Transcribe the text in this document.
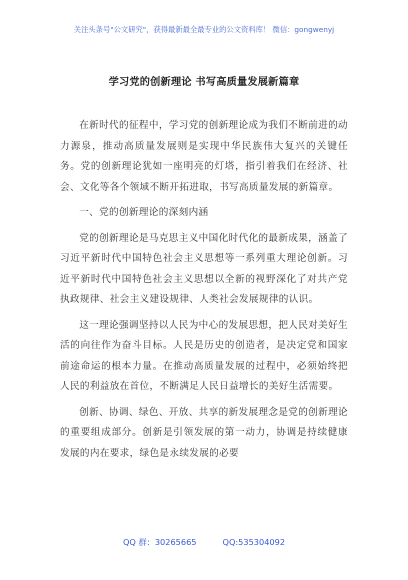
关注头条号"公文研究"，获得最新最全最专业的公文资料库！ 微信：gongwenyj
学习党的创新理论 书写高质量发展新篇章

在新时代的征程中，学习党的创新理论成为我们不断前进的动力源泉，推动高质量发展则是实现中华民族伟大复兴的关键任务。党的创新理论犹如一座明亮的灯塔，指引着我们在经济、社会、文化等各个领域不断开拓进取，书写高质量发展的新篇章。

一、党的创新理论的深刻内涵

党的创新理论是马克思主义中国化时代化的最新成果，涵盖了习近平新时代中国特色社会主义思想等一系列重大理论创新。习近平新时代中国特色社会主义思想以全新的视野深化了对共产党执政规律、社会主义建设规律、人类社会发展规律的认识。

这一理论强调坚持以人民为中心的发展思想，把人民对美好生活的向往作为奋斗目标。人民是历史的创造者，是决定党和国家前途命运的根本力量。在推动高质量发展的过程中，必须始终把人民的利益放在首位，不断满足人民日益增长的美好生活需要。

创新、协调、绿色、开放、共享的新发展理念是党的创新理论的重要组成部分。创新是引领发展的第一动力，协调是持续健康发展的内在要求，绿色是永续发展的必要

QQ 群：30265665	QQ:535304092
